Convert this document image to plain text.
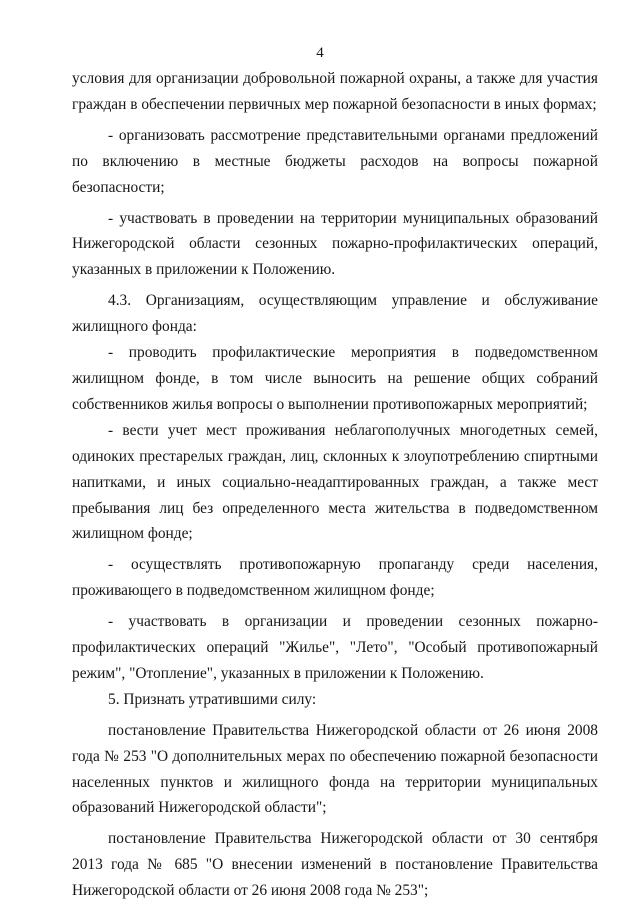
4

условия для организации добровольной пожарной охраны, а также для участия граждан в обеспечении первичных мер пожарной безопасности в иных формах;

- организовать рассмотрение представительными органами предложений по включению в местные бюджеты расходов на вопросы пожарной безопасности;

- участвовать в проведении на территории муниципальных образований Нижегородской области сезонных пожарно-профилактических операций, указанных в приложении к Положению.

4.3. Организациям, осуществляющим управление и обслуживание жилищного фонда:

- проводить профилактические мероприятия в подведомственном жилищном фонде, в том числе выносить на решение общих собраний собственников жилья вопросы о выполнении противопожарных мероприятий;

- вести учет мест проживания неблагополучных многодетных семей, одиноких престарелых граждан, лиц, склонных к злоупотреблению спиртными напитками, и иных социально-неадаптированных граждан, а также мест пребывания лиц без определенного места жительства в подведомственном жилищном фонде;

- осуществлять противопожарную пропаганду среди населения, проживающего в подведомственном жилищном фонде;

- участвовать в организации и проведении сезонных пожарно-профилактических операций "Жилье", "Лето", "Особый противопожарный режим", "Отопление", указанных в приложении к Положению.

5. Признать утратившими силу:

постановление Правительства Нижегородской области от 26 июня 2008 года № 253 "О дополнительных мерах по обеспечению пожарной безопасности населенных пунктов и жилищного фонда на территории муниципальных образований Нижегородской области";

постановление Правительства Нижегородской области от 30 сентября 2013 года № 685 "О внесении изменений в постановление Правительства Нижегородской области от 26 июня 2008 года № 253";
